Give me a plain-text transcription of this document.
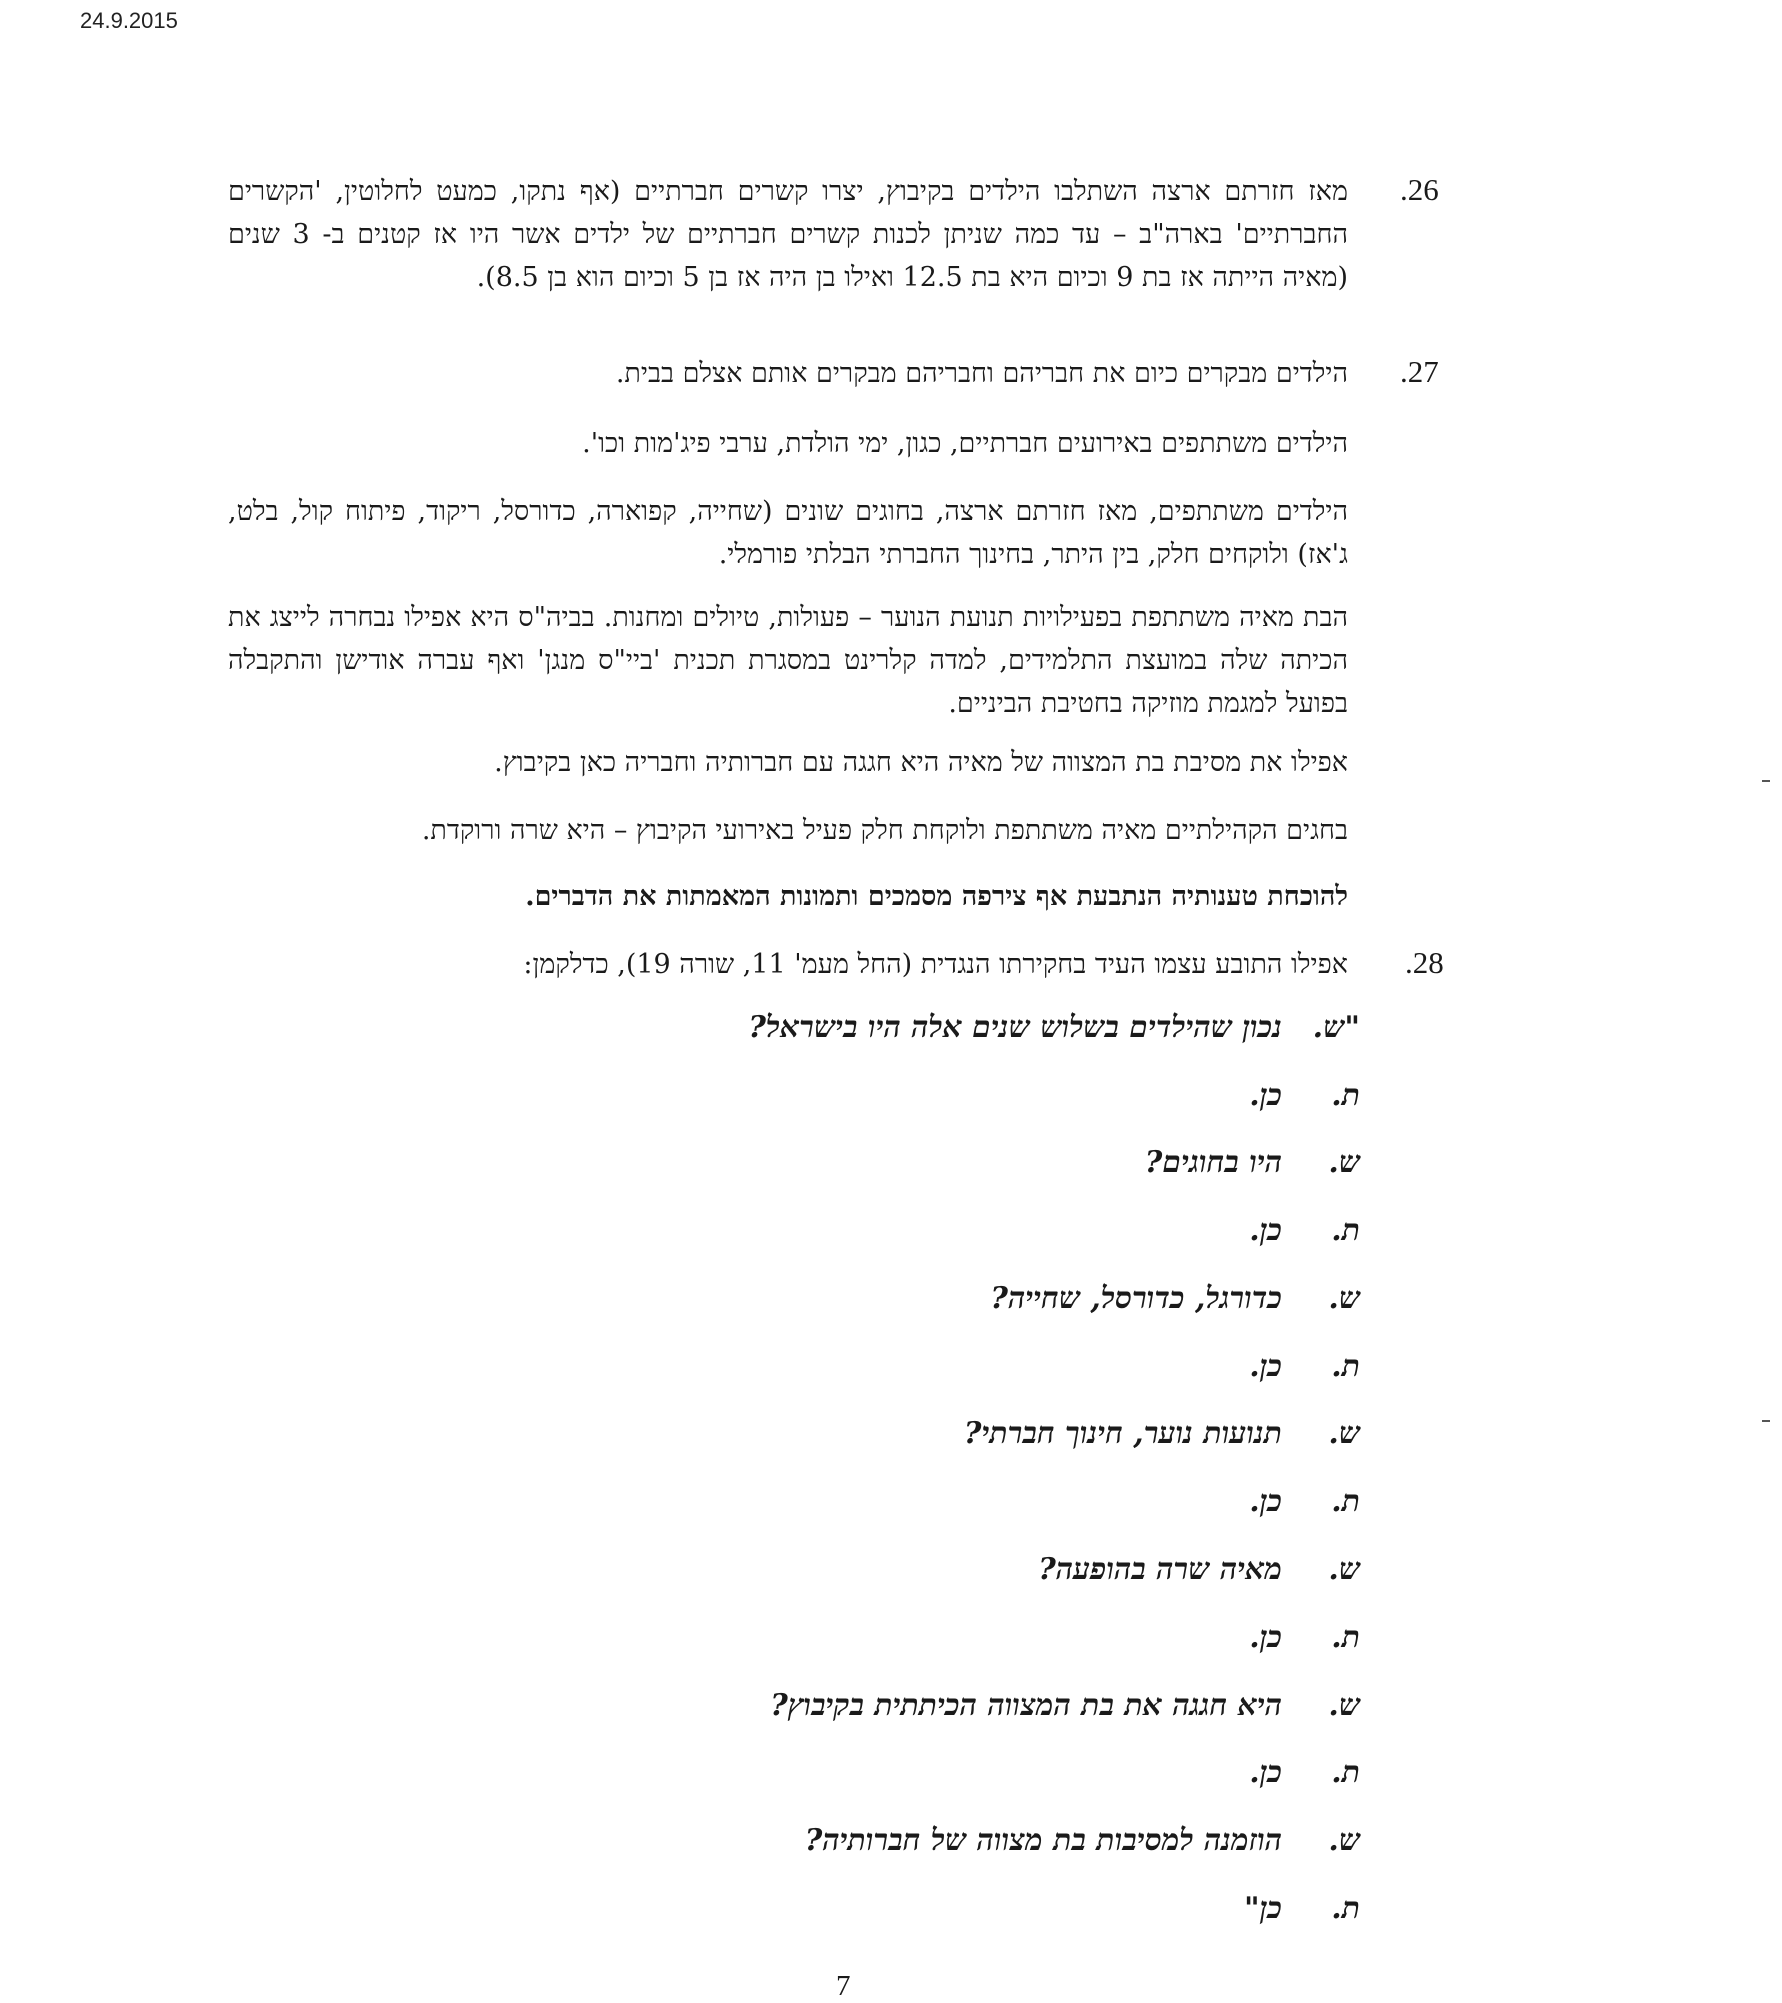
24.9.2015
.26
מאז חזרתם ארצה השתלבו הילדים בקיבוץ, יצרו קשרים חברתיים (אף נתקו, כמעט לחלוטין, 'הקשרים החברתיים' בארה"ב – עד כמה שניתן לכנות קשרים חברתיים של ילדים אשר היו אז קטנים ב- 3 שנים (מאיה הייתה אז בת 9 וכיום היא בת 12.5 ואילו בן היה אז בן 5 וכיום הוא בן 8.5).
.27
הילדים מבקרים כיום את חבריהם וחבריהם מבקרים אותם אצלם בבית.
הילדים משתתפים באירועים חברתיים, כגון, ימי הולדת, ערבי פיג'מות וכו'.
הילדים משתתפים, מאז חזרתם ארצה, בחוגים שונים (שחייה, קפוארה, כדורסל, ריקוד, פיתוח קול, בלט, ג'אז) ולוקחים חלק, בין היתר, בחינוך החברתי הבלתי פורמלי.
הבת מאיה משתתפת בפעילויות תנועת הנוער – פעולות, טיולים ומחנות. בביה"ס היא אפילו נבחרה לייצג את הכיתה שלה במועצת התלמידים, למדה קלרינט במסגרת תכנית 'ביי"ס מנגן' ואף עברה אודישן והתקבלה בפועל למגמת מוזיקה בחטיבת הביניים.
אפילו את מסיבת בת המצווה של מאיה היא חגגה עם חברותיה וחבריה כאן בקיבוץ.
בחגים הקהילתיים מאיה משתתפת ולוקחת חלק פעיל באירועי הקיבוץ – היא שרה ורוקדת.
להוכחת טענותיה הנתבעת אף צירפה מסמכים ותמונות המאמתות את הדברים.
.28
אפילו התובע עצמו העיד בחקירתו הנגדית (החל מעמ' 11, שורה 19), כדלקמן:
"ש.
נכון שהילדים בשלוש שנים אלה היו בישראל?
ת.
כן.
ש.
היו בחוגים?
ת.
כן.
ש.
כדורגל, כדורסל, שחייה?
ת.
כן.
ש.
תנועות נוער, חינוך חברתי?
ת.
כן.
ש.
מאיה שרה בהופעה?
ת.
כן.
ש.
היא חגגה את בת המצווה הכיתתית בקיבוץ?
ת.
כן.
ש.
הוזמנה למסיבות בת מצווה של חברותיה?
ת.
כן"
7
